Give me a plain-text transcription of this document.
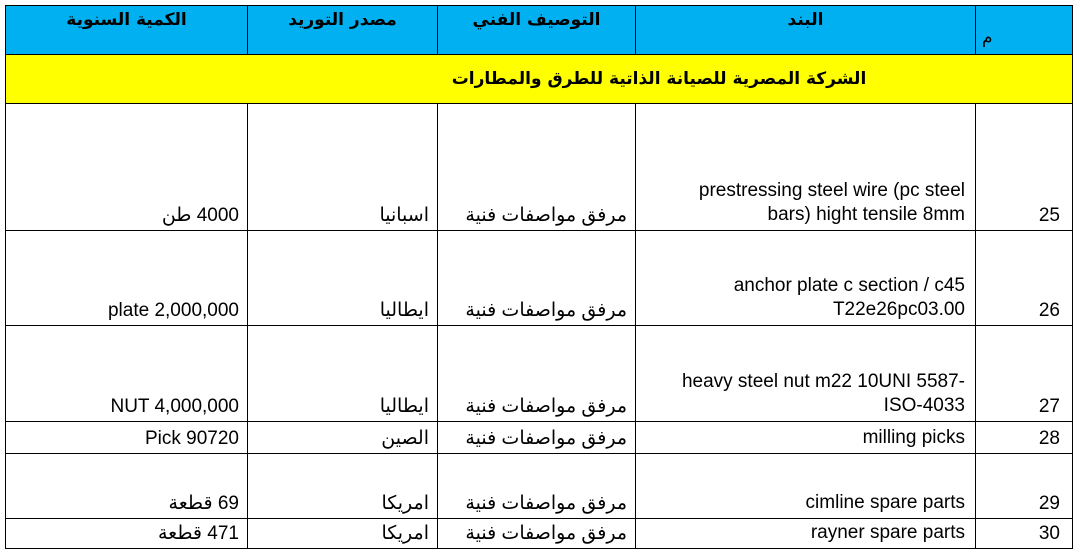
م	البند	التوصيف الفني	مصدر التوريد	الكمية السنوية
الشركة المصرية للصيانة الذاتية للطرق والمطارات				

25	prestressing steel wire (pc steel
bars) hight tensile 8mm	مرفق مواصفات فنية	اسبانيا	4000 طن

26	anchor plate c section / c45
T22e26pc03.00	مرفق مواصفات فنية	ايطاليا	plate 2,000,000

27	heavy steel nut m22 10UNI 5587-
ISO-4033	مرفق مواصفات فنية	ايطاليا	NUT 4,000,000

28	milling picks	مرفق مواصفات فنية	الصين	Pick 90720

29	cimline spare parts	مرفق مواصفات فنية	امريكا	69 قطعة

30	rayner spare parts	مرفق مواصفات فنية	امريكا	471 قطعة
